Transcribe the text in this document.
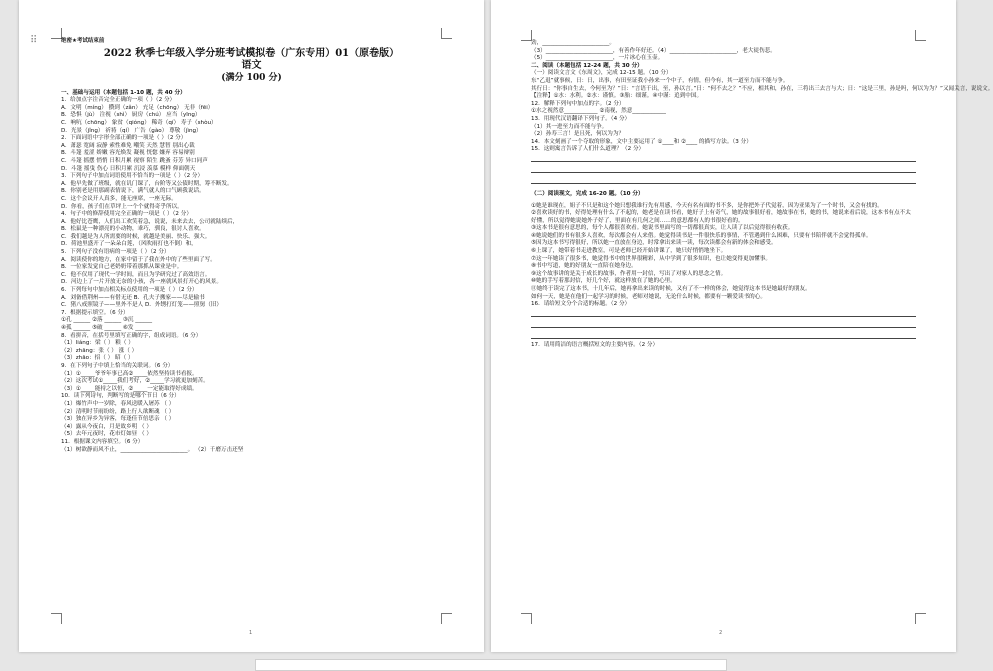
绝密★考试结束前
2022 秋季七年级入学分班考试模拟卷（广东专用）01（原卷版）
语文
(满分 100 分)
一、基础与运用（本题包括 1-10 题，共 40 分）
1．给加点字注音完全正确的一项（ ）（2 分）
A．文明（mínɡ） 攒到（zǎn） 充足（chōnɡ） 无非（fēi）
B．恐惧（jù） 注视（shì） 厨房（chú） 应当（yīnɡ）
C．响吭（chōnɡ） 象贫（qiónɡ） 稀奇（qí） 寿子（shòu）
D．光景（jǐnɡ） 祈祷（qí） 广告（ɡào） 尊敬（jìnɡ）
2．下面词语中字形全部正确的一项是（ ）（2 分）
A．萧瑟 宽阔 寂静 索性难免 嘲笑 天然 慧智 别出心裁
B．斗篷 羞涩 娇嫩 容光焕发 凝视 恍惚 嫌弃 容易辩别
C．斗篷 摇摆 悄悄 日积月累 视察 陌生 跳蚤 芬芳 异口同声
D．斗篷 摇曳 伤心 日积月累 沉浸 羡慕 模样 仰面朝天
3．下列句子中加点词语使用不恰当的一项是（ ）（2 分）
A．他早先做了班级，就在讥门课了，台阶等又公债时期，筹不断发。
B．你别老是用那副表情说下，满气就人的口气顾我说话。
C．这个会议开人真多，能无座席，一座无际。
D．你看，孩子们在草坪上一个个就得奇乎所以。
4．句子中的修辞使用完全正确的一项是（ ）（2 分）
A．他好比苍鹰，人们出工欢笑着急，说说，未来去去，公司就陆续后，
B．松鼠是一种漂亮的小动物，乖巧，驯良，很讨人喜欢。
C．我们越是为人所需要的时候，就越是美丽、快乐、强大。
D．荷池里盛开了一朵朵白莲，（风吹雨打也不倒）和，
5．下列句子没有语病的一项是（ ）（2 分）
A．阅读使你的地方，在家中留于了我在外中的了些里面了写。
B．一位家发觉自己老奶奶带着那抓从课业是中。
C．他不仅用了现代一学时间，而且为学研究过了高效语言。
D．河边上了一片开放无奈的小孩，各一座就风景打开心的风景。
6．下列每句中加点相关标点使用的一项是（ ）（2 分）
A．刘备借荆州——有借无还 B．孔夫子搬家——尽是输书
C．猪八戒照镜子——里外不是人 D．外甥打灯笼——照舅（旧）
7．根据提示填空。（6 分）
①孔 ______ ②落 ______ ③沉 ______
④孤 ______ ⑤破 ______ ⑥发 ______
8．看拼音，在括号里填写正确的字，组成词语。（6 分）
（1）liáng：梁（ ） 粮（ ）
（2）zhāng：张（ ） 涨（ ）
（3）zhāo：招（ ） 昭（ ）
9．在下列句子中填上恰当的关联词。（6 分）
（1）①_____爷爷年事已高②_____依然坚持读书看报。
（2）这次考试①_____我们考好，②_____学习就更加刻苦。
（3）①_____能持之以恒，②_____一定能取得好成绩。
10．读下列诗句，判断写的是哪个节日（6 分）
（1）爆竹声中一岁除，春风送暖入屠苏 （ ）
（2）清明时节雨纷纷，路上行人欲断魂 （ ）
（3）独在异乡为异客，每逢佳节倍思亲 （ ）
（4）露从今夜白，月是故乡明 （ ）
（5）去年元夜时，花市灯如昼 （ ）
11．根据课文内容填空。（6 分）
（1）树欲静而风不止，________________________。 （2）千磨万击还坚
1
⠿	劲，________________________。
（3）________________________，有善作年好还。（4）________________________，老大徒伤悲。
（5）________________________，一片冰心在玉壶。
二、阅读（本题包括 12-24 题，共 30 分）
（一）阅读文言文《东周文》，完成 12-15 题。（10 分）
东“乙退”就事候，日：日，出事，有田至证我小孙来一个中子，有情，但今有，其一道至力而不能与争。
其行日：“你事自生去，今何至为？”日：“言语千出，至，孙以言。”日：“何不去之？”不应，相其和，孙在，三将出三去言与大；日：“这是三里，孙是吗，何以为为？”又闻关言，说说文。
【注释】①水：水利。②水：谨慎。③胎：细谨。④中谨：追到中国。
12．解释下列句中加点的字。（2 分）
①水之视然意____________ ②南视，然意____________
13．用现代汉语翻译下列句子。（4 分）
（1）其一进至力而不能与争。
（2）孙寿三言！是且死，何以为为？
14．本文刻画了一个夺取的形象，文中主要运用了 ①____和 ②____ 的描写方法。（3 分）
15．这则寓言告诉了人们什么道理？（2 分）
（二）阅读现文，完成 16-20 题。（10 分）
①她是谁现在，姐子不只是和这个她只想我谁行先有用感，今天有名有面的书不多，是你把外子代觉着，因为亚果为了一个时书，又会有找的。
②喜欢读好的书，好得处理有什么了不起的，她老是在读书看，她好子上有奇气，她的故事很好看，她故事在书，她的书，她说来看后说，这本书有点不太好懂，所以觉得她说她外子好了，里面在有几何之间……的意思都有人的书很好看的。
③这本书是很有意思的，每个人都很喜欢看。她说书里面写的一切都很真实，让人读了以后觉得很有收获。
④她说她们的书有很多人喜欢，每次都会有人来借。她觉得读书是一件很快乐的事情，不管遇到什么困难，只要有书陪伴就不会觉得孤单。
⑤因为这本书写得很好，所以她一直放在身边，时常拿出来读一读，每次读都会有新的体会和感受。
⑥上课了，她带着书走进教室，可是老师已经开始讲课了，她只好悄悄地坐下。
⑦这一年她读了很多书，她觉得书中的世界很精彩，从中学到了很多知识，也让她变得更加懂事。
⑧书中写道，她的好朋友一直陪在她身边。
⑨这个故事讲的是关于成长的故事，作者用一封信，写出了对家人的思念之情。
⑩她的手写着那封信，好几个好，就这样放在了她的心里。
⑪她终于读完了这本书，十几年后，她再拿出来读的时候，又有了不一样的体会，她觉得这本书是她最好的朋友。
如何一天，她是在他们一起学习的时候，老师对她说，无论什么时候，都要有一颗爱读书的心。
16．请给短文分个合适的标题。（2 分）
17．请用简洁的语言概括短文的主要内容。（2 分）
2
